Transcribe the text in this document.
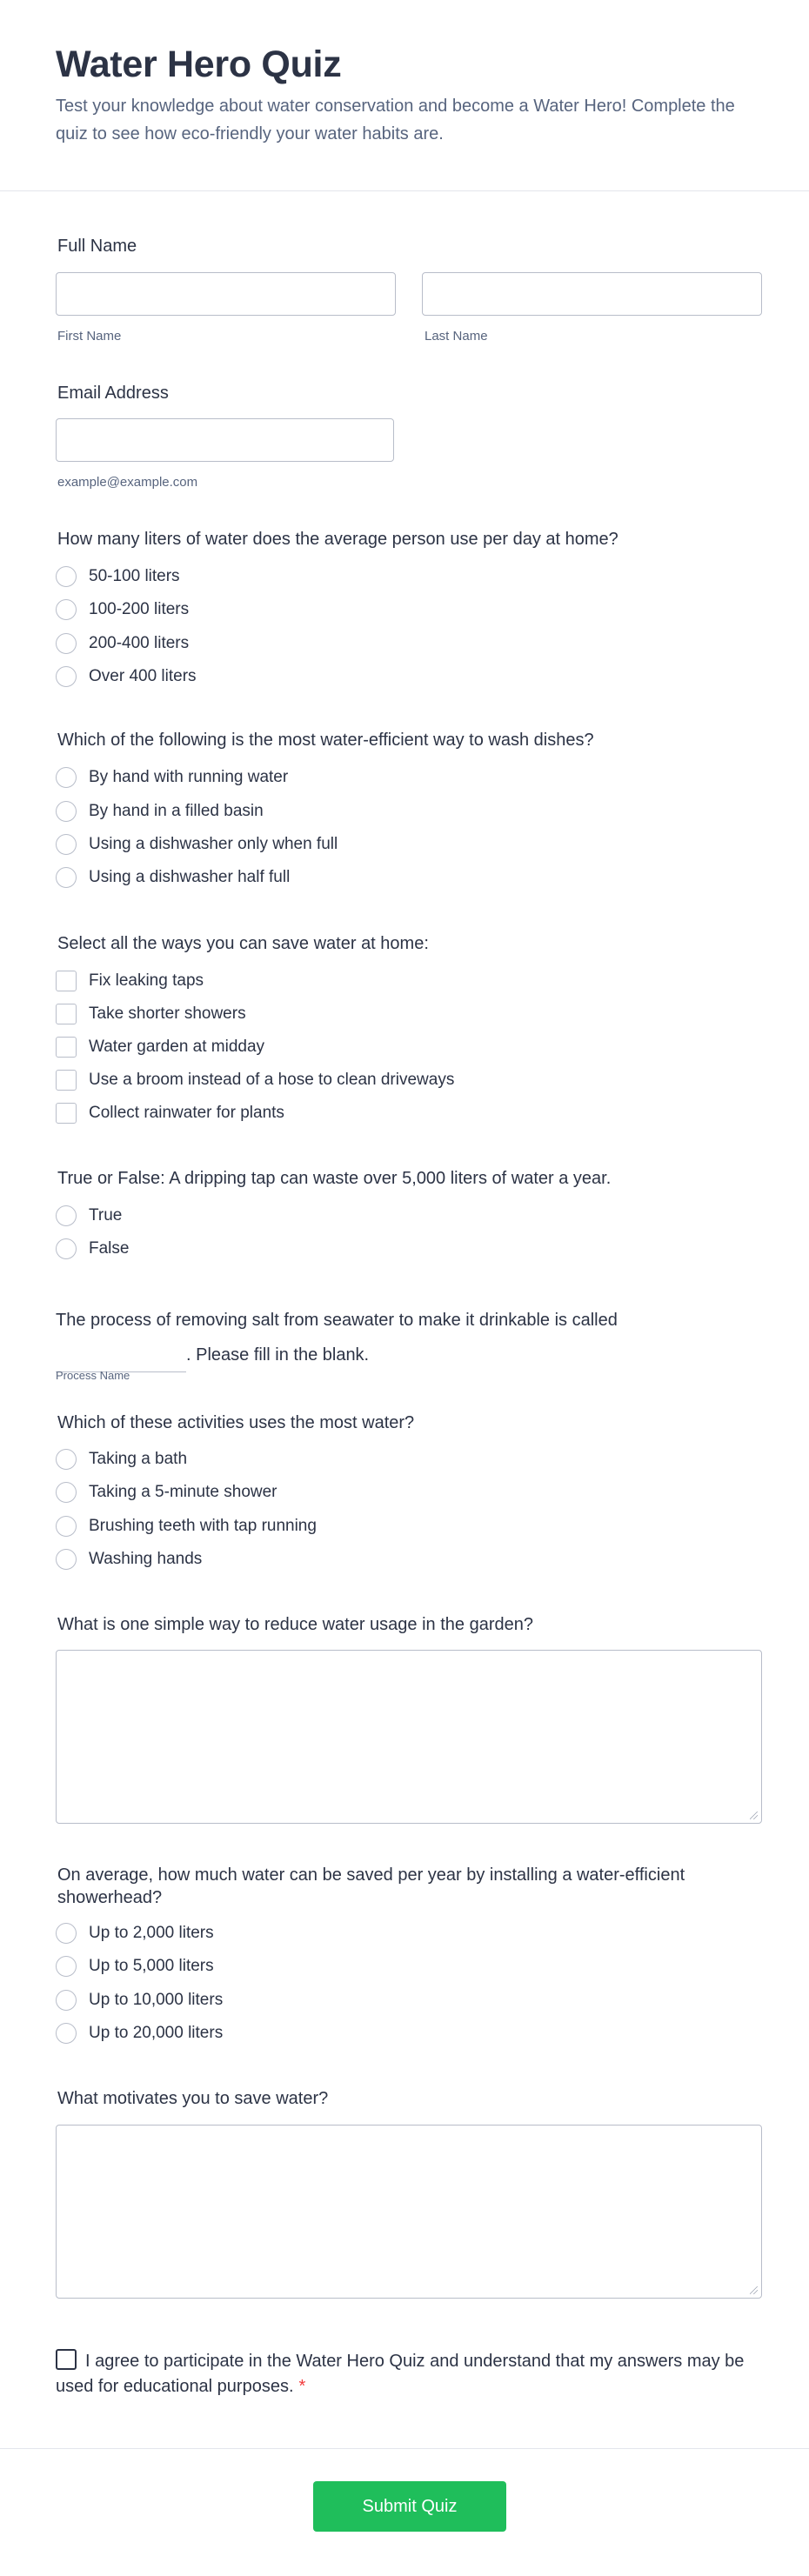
Water Hero Quiz

Test your knowledge about water conservation and become a Water Hero! Complete the quiz to see how eco-friendly your water habits are.

Full Name
First Name	Last Name
Email Address
example@example.com
How many liters of water does the average person use per day at home?
50-100 liters
100-200 liters
200-400 liters
Over 400 liters
Which of the following is the most water-efficient way to wash dishes?
By hand with running water
By hand in a filled basin
Using a dishwasher only when full
Using a dishwasher half full
Select all the ways you can save water at home:
Fix leaking taps
Take shorter showers
Water garden at midday
Use a broom instead of a hose to clean driveways
Collect rainwater for plants
True or False: A dripping tap can waste over 5,000 liters of water a year.
True
False
The process of removing salt from seawater to make it drinkable is called
. Please fill in the blank.
Process Name
Which of these activities uses the most water?
Taking a bath
Taking a 5-minute shower
Brushing teeth with tap running
Washing hands
What is one simple way to reduce water usage in the garden?
On average, how much water can be saved per year by installing a water-efficient showerhead?
Up to 2,000 liters
Up to 5,000 liters
Up to 10,000 liters
Up to 20,000 liters
What motivates you to save water?
I agree to participate in the Water Hero Quiz and understand that my answers may be used for educational purposes. *
Submit Quiz
